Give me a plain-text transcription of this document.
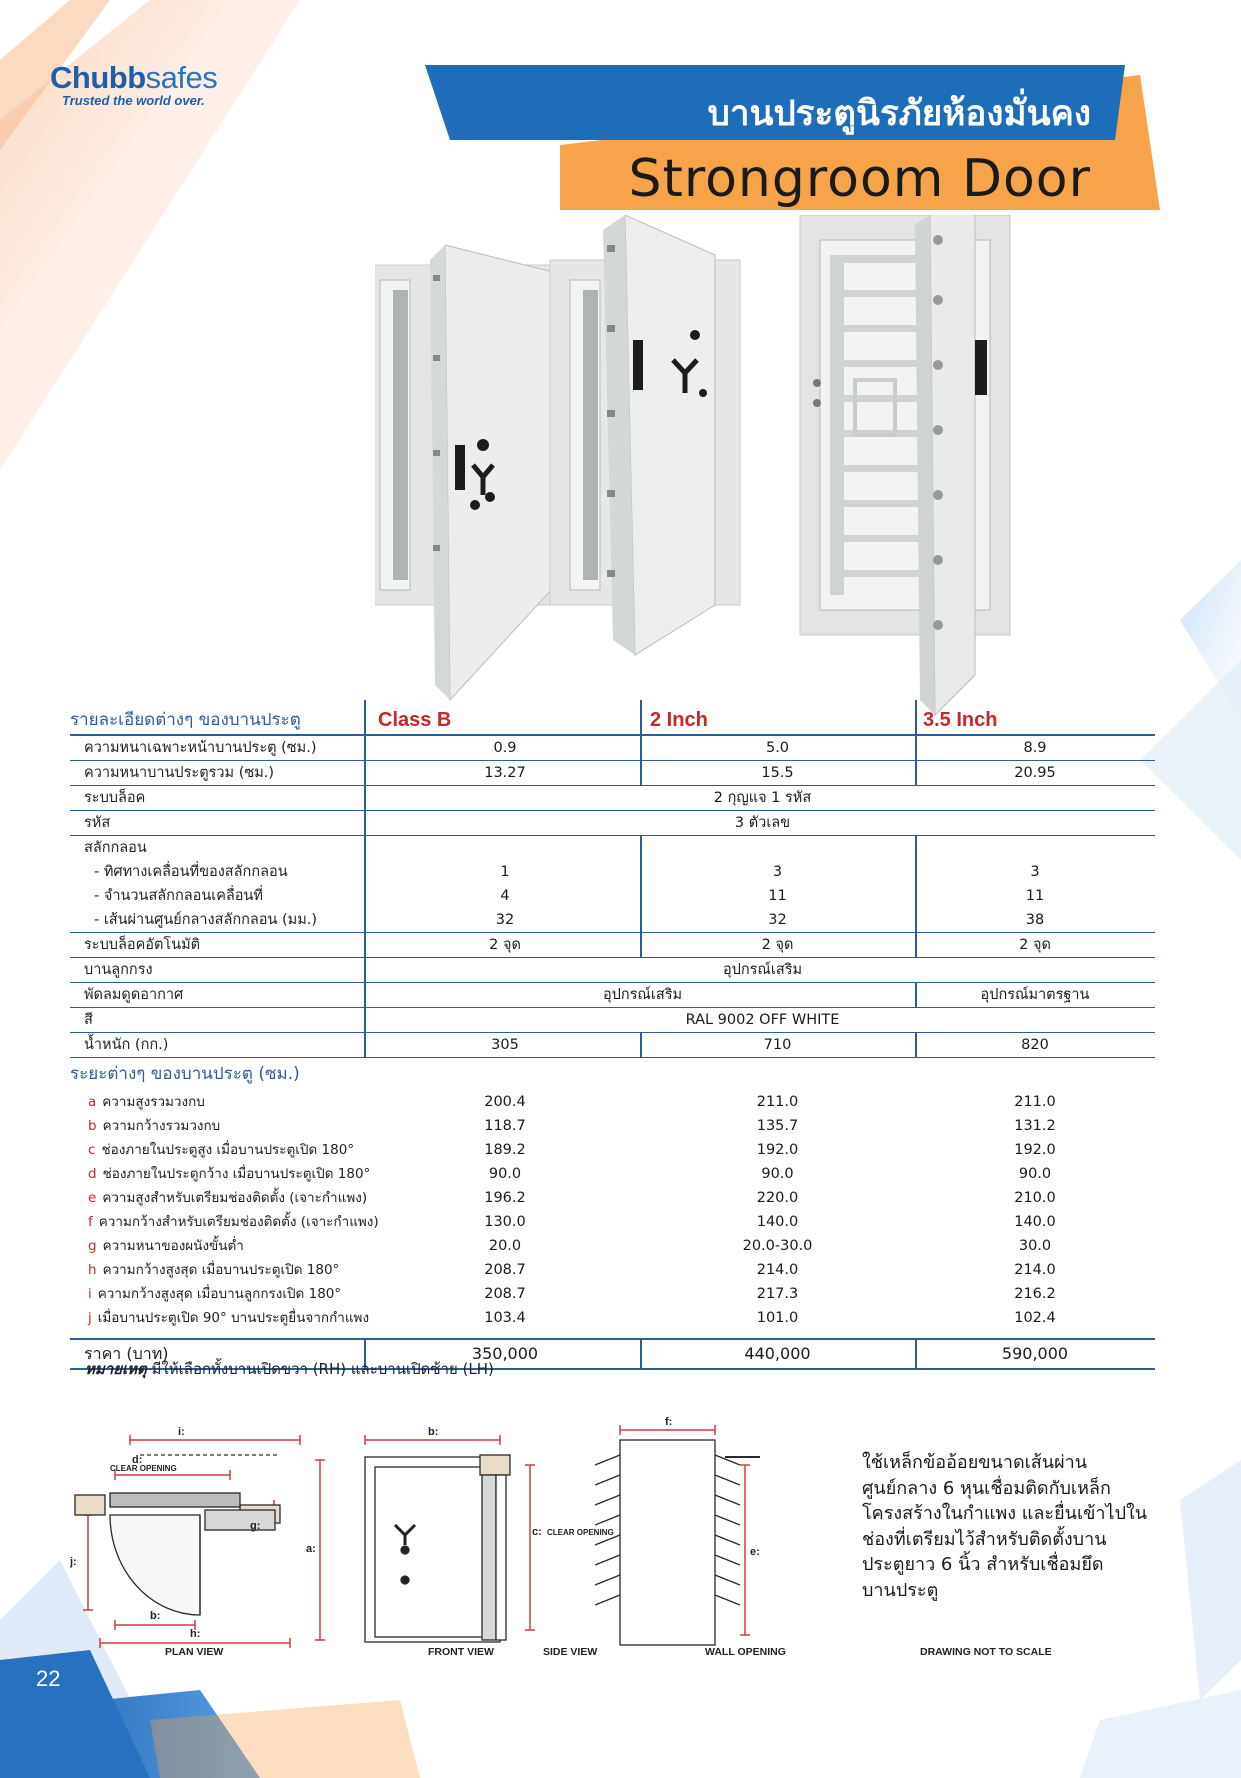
Chubbsafes
Trusted the world over.	บานประตูนิรภัยห้องมั่นคง
Strongroom Door
รายละเอียดต่างๆ ของบานประตู	Class B	2 Inch	3.5 Inch
ความหนาเฉพาะหน้าบานประตู (ซม.)	0.9	5.0	8.9
ความหนาบานประตูรวม (ซม.)	13.27	15.5	20.95
ระบบล็อค	2 กุญแจ 1 รหัส
รหัส	3 ตัวเลข
สลักกลอน
- ทิศทางเคลื่อนที่ของสลักกลอน	1	3	3
- จำนวนสลักกลอนเคลื่อนที่	4	11	11
- เส้นผ่านศูนย์กลางสลักกลอน (มม.)	32	32	38
ระบบล็อคอัตโนมัติ	2 จุด	2 จุด	2 จุด
บานลูกกรง	อุปกรณ์เสริม
พัดลมดูดอากาศ	อุปกรณ์เสริม	อุปกรณ์มาตรฐาน
สี	RAL 9002 OFF WHITE
น้ำหนัก (กก.)	305	710	820
ระยะต่างๆ ของบานประตู (ซม.)
a ความสูงรวมวงกบ	200.4	211.0	211.0
b ความกว้างรวมวงกบ	118.7	135.7	131.2
c ช่องภายในประตูสูง เมื่อบานประตูเปิด 180°	189.2	192.0	192.0
d ช่องภายในประตูกว้าง เมื่อบานประตูเปิด 180°	90.0	90.0	90.0
e ความสูงสำหรับเตรียมช่องติดตั้ง (เจาะกำแพง)	196.2	220.0	210.0
f ความกว้างสำหรับเตรียมช่องติดตั้ง (เจาะกำแพง)	130.0	140.0	140.0
g ความหนาของผนังขั้นต่ำ	20.0	20.0-30.0	30.0
h ความกว้างสูงสุด เมื่อบานประตูเปิด 180°	208.7	214.0	214.0
i ความกว้างสูงสุด เมื่อบานลูกกรงเปิด 180°	208.7	217.3	216.2
j เมื่อบานประตูเปิด 90° บานประตูยื่นจากกำแพง	103.4	101.0	102.4
ราคา (บาท)	350,000	440,000	590,000
หมายเหตุ มีให้เลือกทั้งบานเปิดขวา (RH) และบานเปิดซ้าย (LH)
i:
d:
CLEAR OPENING
g:
j:
b:
h:
b:
a:
c: CLEAR OPENING
f:
e:
PLAN VIEW	FRONT VIEW	SIDE VIEW	WALL OPENING	DRAWING NOT TO SCALE
ใช้เหล็กข้ออ้อยขนาดเส้นผ่าน
ศูนย์กลาง 6 หุนเชื่อมติดกับเหล็ก
โครงสร้างในกำแพง และยื่นเข้าไปใน
ช่องที่เตรียมไว้สำหรับติดตั้งบาน
ประตูยาว 6 นิ้ว สำหรับเชื่อมยึด
บานประตู
22
